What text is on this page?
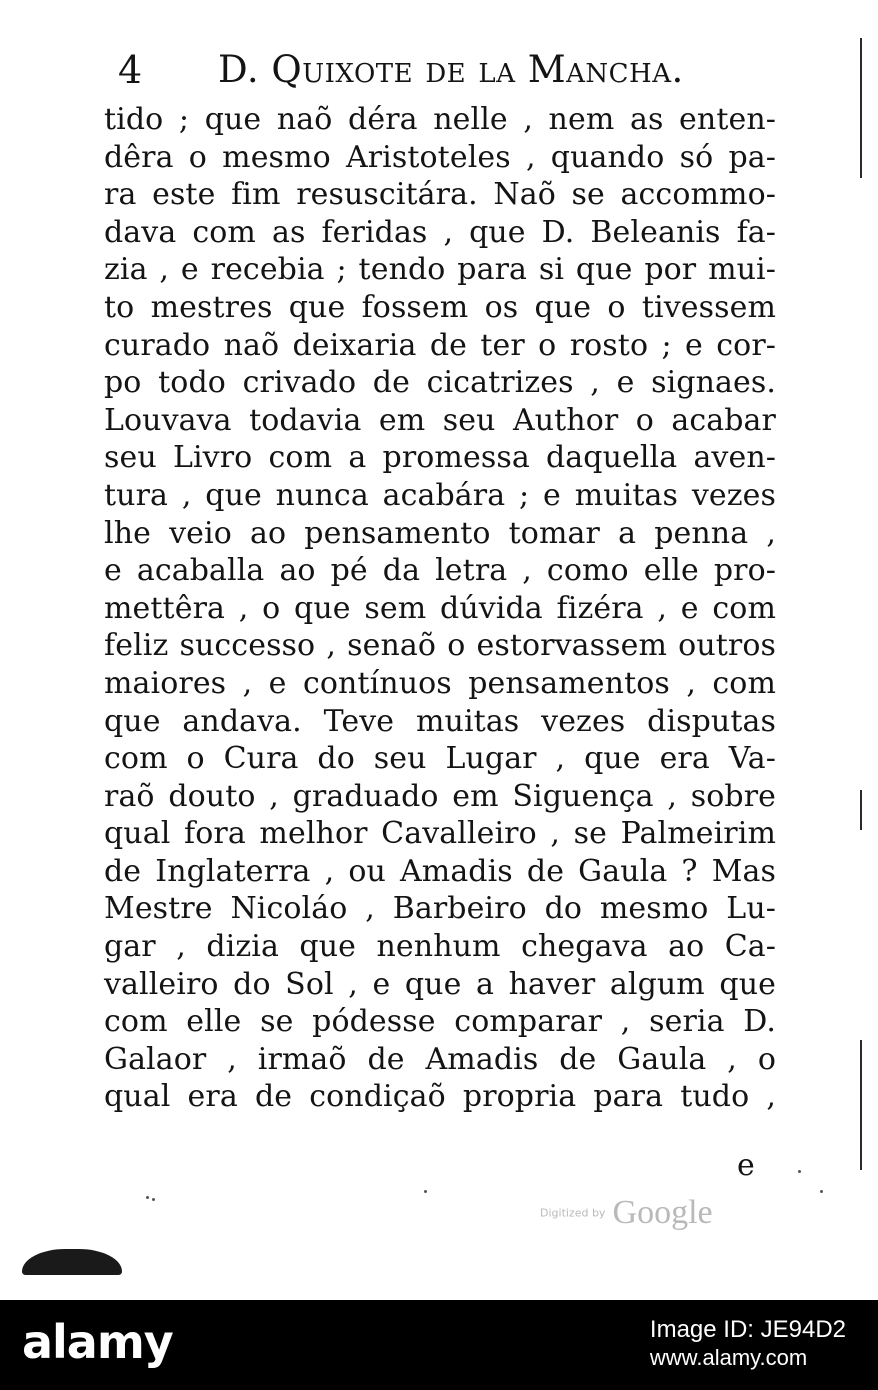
4 D. Quixote de la Mancha.
tido ; que naõ déra nelle , nem as enten-
dêra o mesmo Aristoteles , quando só pa-
ra este fim resuscitára. Naõ se accommo-
dava com as feridas , que D. Beleanis fa-
zia , e recebia ; tendo para si que por mui-
to mestres que fossem os que o tivessem
curado naõ deixaria de ter o rosto ; e cor-
po todo crivado de cicatrizes , e signaes.
Louvava todavia em seu Author o acabar
seu Livro com a promessa daquella aven-
tura , que nunca acabára ; e muitas vezes
lhe veio ao pensamento tomar a penna ,
e acaballa ao pé da letra , como elle pro-
mettêra , o que sem dúvida fizéra , e com
feliz successo , senaõ o estorvassem outros
maiores , e contínuos pensamentos , com
que andava. Teve muitas vezes disputas
com o Cura do seu Lugar , que era Va-
raõ douto , graduado em Siguença , sobre
qual fora melhor Cavalleiro , se Palmeirim
de Inglaterra , ou Amadis de Gaula ? Mas
Mestre Nicoláo , Barbeiro do mesmo Lu-
gar , dizia que nenhum chegava ao Ca-
valleiro do Sol , e que a haver algum que
com elle se pódesse comparar , seria D.
Galaor , irmaõ de Amadis de Gaula , o
qual era de condiçaõ propria para tudo ,
e
Digitized by Google
alamy	Image ID: JE94D2
www.alamy.com
